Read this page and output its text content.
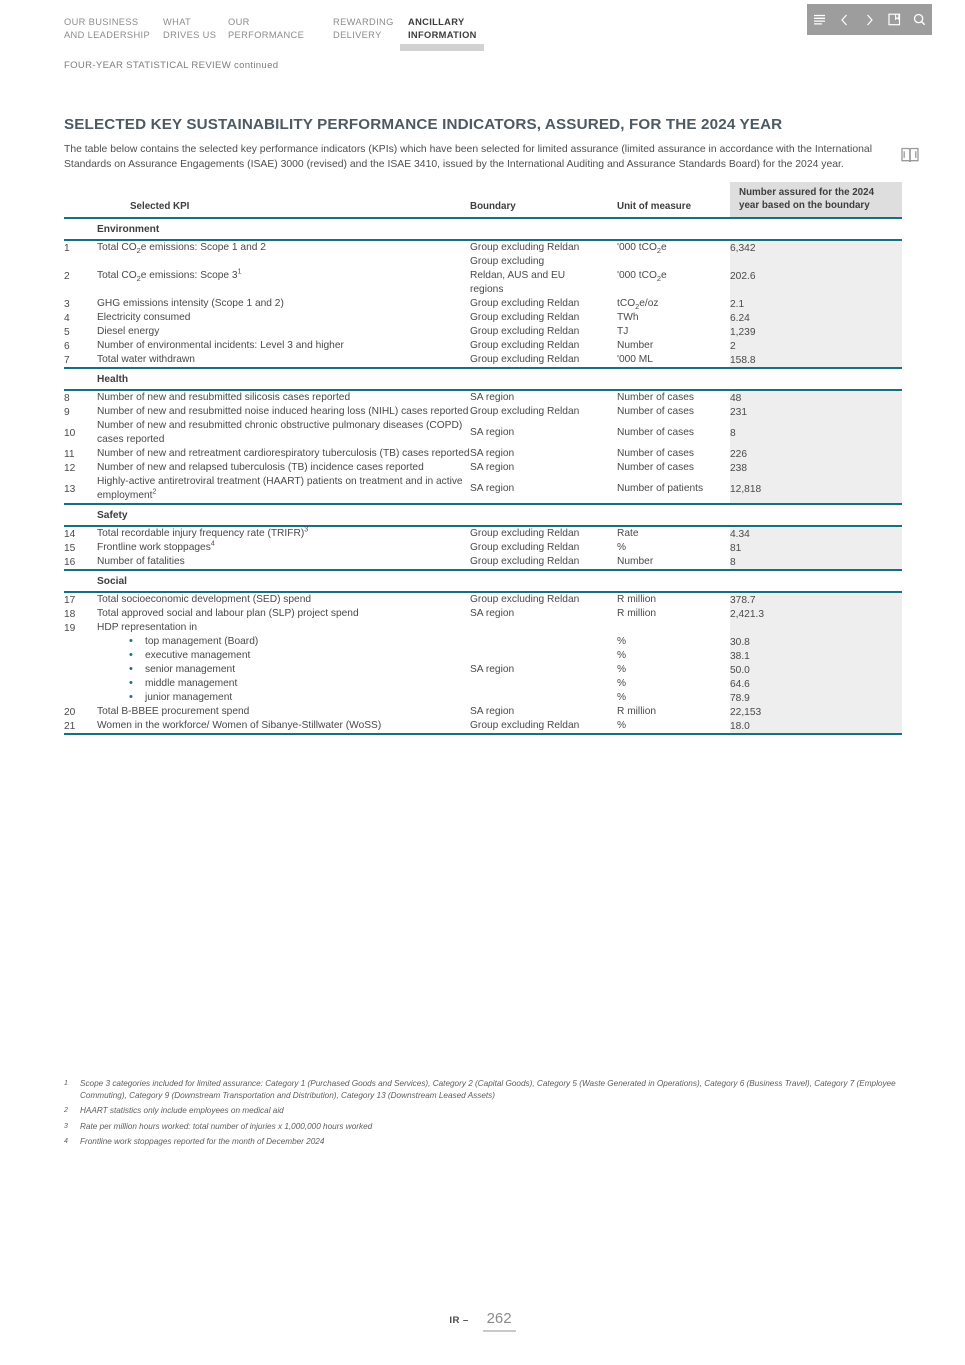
OUR BUSINESS
AND LEADERSHIP
WHAT
DRIVES US
OUR
PERFORMANCE
REWARDING
DELIVERY
ANCILLARY
INFORMATION
FOUR-YEAR STATISTICAL REVIEW continued
SELECTED KEY SUSTAINABILITY PERFORMANCE INDICATORS, ASSURED, FOR THE 2024 YEAR

The table below contains the selected key performance indicators (KPIs) which have been selected for limited assurance (limited assurance in accordance with the International Standards on Assurance Engagements (ISAE) 3000 (revised) and the ISAE 3410, issued by the International Auditing and Assurance Standards Board) for the 2024 year.

	Selected KPI	Boundary	Unit of measure	Number assured for the 2024 year based on the boundary
Environment				
1	Total $CO_2e$ emissions: Scope 1 and 2	Group excluding Reldan	'000 tCO$_2$e	6,342
2	Total $CO_2e$ emissions: Scope $3^1$	Group excluding
Reldan, AUS and EU
regions	'000 tCO$_2$e	202.6
3	GHG emissions intensity (Scope 1 and 2)	Group excluding Reldan	tCO$_2$e/oz	2.1
4	Electricity consumed	Group excluding Reldan	TWh	6.24
5	Diesel energy	Group excluding Reldan	TJ	1,239
6	Number of environmental incidents: Level 3 and higher	Group excluding Reldan	Number	2
7	Total water withdrawn	Group excluding Reldan	'000 ML	158.8
Health				
8	Number of new and resubmitted silicosis cases reported	SA region	Number of cases	48
9	Number of new and resubmitted noise induced hearing loss (NIHL) cases reported	Group excluding Reldan	Number of cases	231
10	Number of new and resubmitted chronic obstructive pulmonary diseases (COPD) cases reported	SA region	Number of cases	8
11	Number of new and retreatment cardiorespiratory tuberculosis (TB) cases reported	SA region	Number of cases	226
12	Number of new and relapsed tuberculosis (TB) incidence cases reported	SA region	Number of cases	238
13	Highly-active antiretroviral treatment (HAART) patients on treatment and in active employment$^2$	SA region	Number of patients	12,818
Safety				
14	Total recordable injury frequency rate (TRIFR)$^3$	Group excluding Reldan	Rate	4.34
15	Frontline work stoppages$^4$	Group excluding Reldan	%	81
16	Number of fatalities	Group excluding Reldan	Number	8
Social				
17	Total socioeconomic development (SED) spend	Group excluding Reldan	R million	378.7
18	Total approved social and labour plan (SLP) project spend	SA region	R million	2,421.3
19	HDP representation in			
	• top management (Board)	SA region	%	30.8
	• executive management		%	38.1
	• senior management		%	50.0
	• middle management		%	64.6
	• junior management		%	78.9
20	Total B-BBEE procurement spend	SA region	R million	22,153
21	Women in the workforce/ Women of Sibanye-Stillwater (WoSS)	Group excluding Reldan	%	18.0

1	Scope 3 categories included for limited assurance: Category 1 (Purchased Goods and Services), Category 2 (Capital Goods), Category 5 (Waste Generated in Operations), Category 6 (Business Travel), Category 7 (Employee Commuting), Category 9 (Downstream Transportation and Distribution), Category 13 (Downstream Leased Assets)
2	HAART statistics only include employees on medical aid
3	Rate per million hours worked: total number of injuries x 1,000,000 hours worked
4	Frontline work stoppages reported for the month of December 2024
IR – 262
